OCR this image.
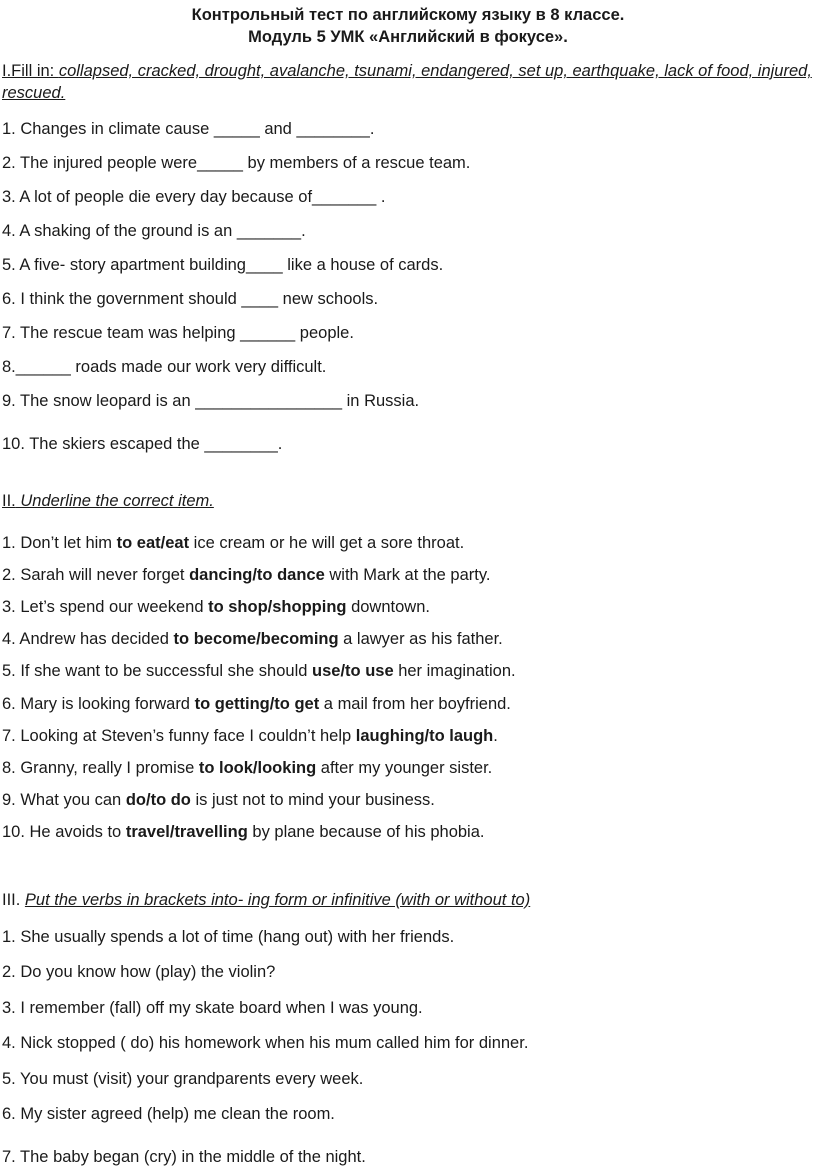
Контрольный тест по английскому языку в 8 классе.
Модуль 5 УМК «Английский в фокусе».

I.Fill in: collapsed, cracked, drought, avalanche, tsunami, endangered, set up, earthquake, lack of food, injured, rescued.

1. Changes in climate cause _____ and ________.

2. The injured people were_____ by members of a rescue team.

3. A lot of people die every day because of_______ .

4. A shaking of the ground is an _______.

5. A five- story apartment building____ like a house of cards.

6. I think the government should ____ new schools.

7. The rescue team was helping ______ people.

8.______ roads made our work very difficult.

9. The snow leopard is an ________________ in Russia.

10. The skiers escaped the ________.

II. Underline the correct item.

1. Don’t let him to eat/eat ice cream or he will get a sore throat.

2. Sarah will never forget dancing/to dance with Mark at the party.

3. Let’s spend our weekend to shop/shopping downtown.

4. Andrew has decided to become/becoming a lawyer as his father.

5. If she want to be successful she should use/to use her imagination.

6. Mary is looking forward to getting/to get a mail from her boyfriend.

7. Looking at Steven’s funny face I couldn’t help laughing/to laugh.

8. Granny, really I promise to look/looking after my younger sister.

9. What you can do/to do is just not to mind your business.

10. He avoids to travel/travelling by plane because of his phobia.

III. Put the verbs in brackets into- ing form or infinitive (with or without to)

1. She usually spends a lot of time (hang out) with her friends.

2. Do you know how (play) the violin?

3. I remember (fall) off my skate board when I was young.

4. Nick stopped ( do) his homework when his mum called him for dinner.

5. You must (visit) your grandparents every week.

6. My sister agreed (help) me clean the room.

7. The baby began (cry) in the middle of the night.
